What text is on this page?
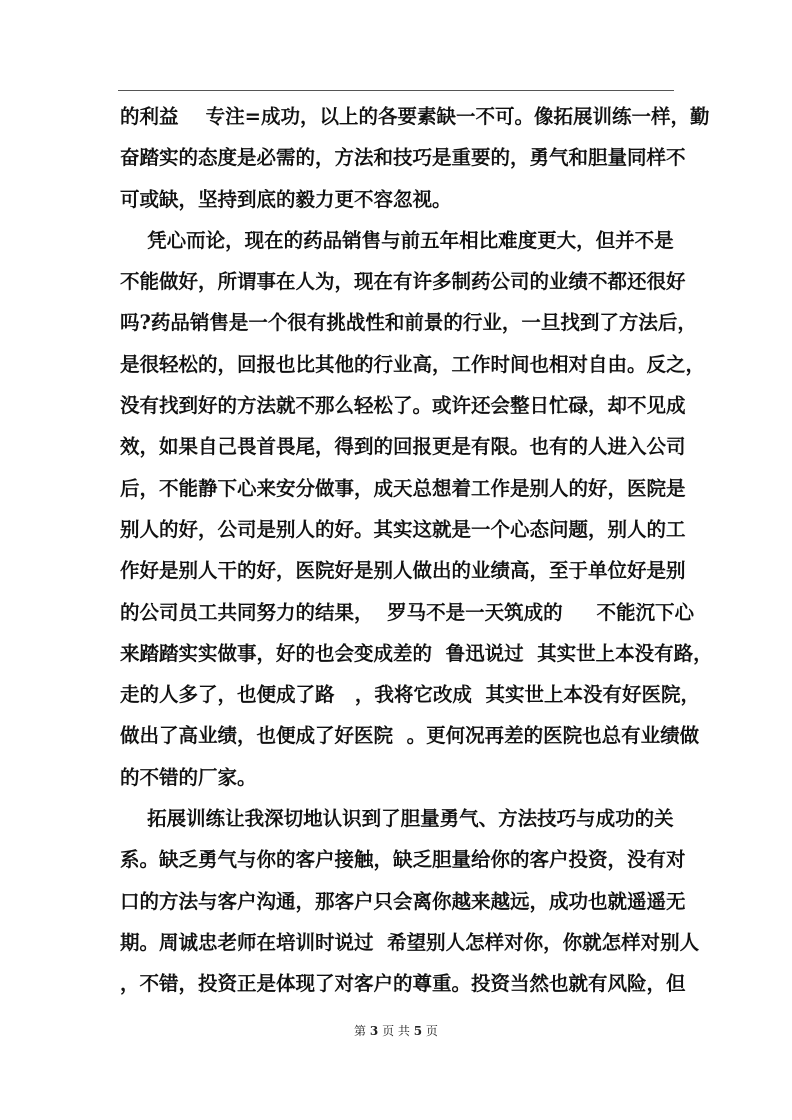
的利益    专注=成功，以上的各要素缺一不可。像拓展训练一样，勤
奋踏实的态度是必需的，方法和技巧是重要的，勇气和胆量同样不
可或缺，坚持到底的毅力更不容忽视。
凭心而论，现在的药品销售与前五年相比难度更大，但并不是
不能做好，所谓事在人为，现在有许多制药公司的业绩不都还很好
吗?药品销售是一个很有挑战性和前景的行业，一旦找到了方法后，
是很轻松的，回报也比其他的行业高，工作时间也相对自由。反之，
没有找到好的方法就不那么轻松了。或许还会整日忙碌，却不见成
效，如果自己畏首畏尾，得到的回报更是有限。也有的人进入公司
后，不能静下心来安分做事，成天总想着工作是别人的好，医院是
别人的好，公司是别人的好。其实这就是一个心态问题，别人的工
作好是别人干的好，医院好是别人做出的业绩高，至于单位好是别
的公司员工共同努力的结果，  罗马不是一天筑成的     不能沉下心
来踏踏实实做事，好的也会变成差的  鲁迅说过  其实世上本没有路，
走的人多了，也便成了路   ，我将它改成  其实世上本没有好医院，
做出了高业绩，也便成了好医院  。更何况再差的医院也总有业绩做
的不错的厂家。
拓展训练让我深切地认识到了胆量勇气、方法技巧与成功的关
系。缺乏勇气与你的客户接触，缺乏胆量给你的客户投资，没有对
口的方法与客户沟通，那客户只会离你越来越远，成功也就遥遥无
期。周诚忠老师在培训时说过  希望别人怎样对你，你就怎样对别人
，不错，投资正是体现了对客户的尊重。投资当然也就有风险，但
第 3 页 共 5 页
